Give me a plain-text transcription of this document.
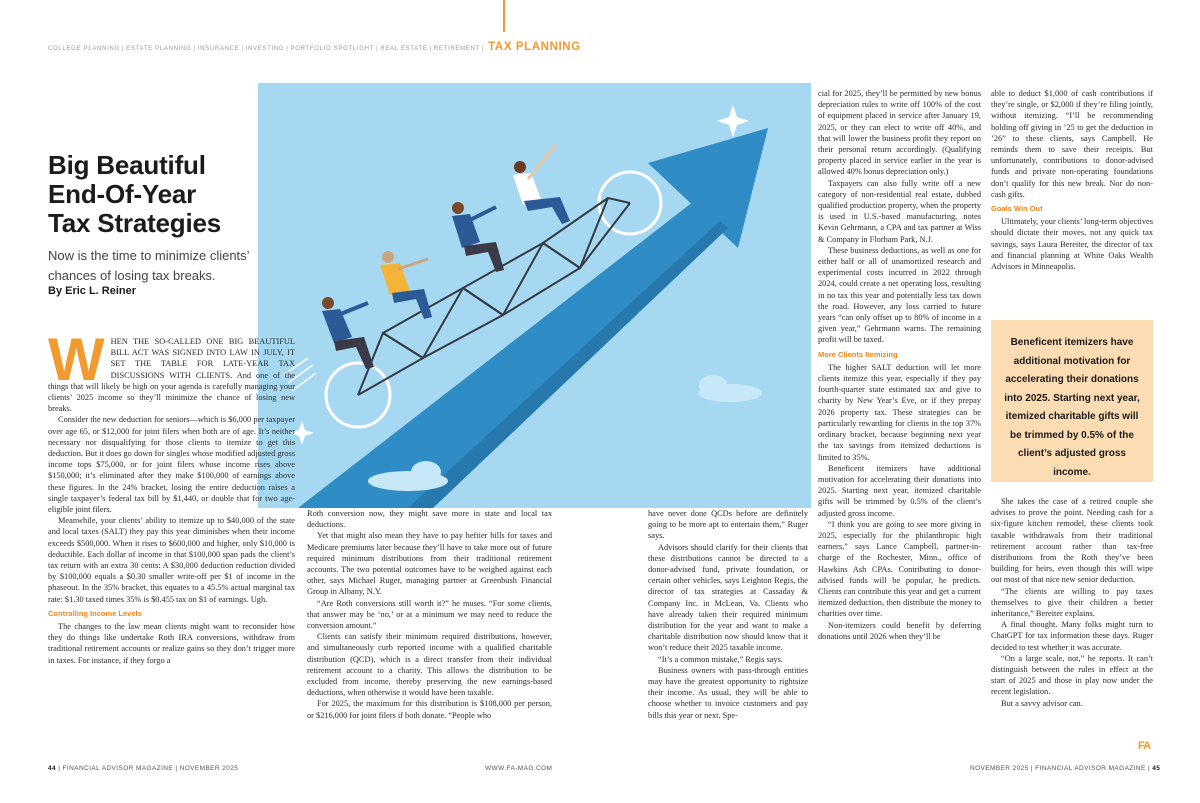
COLLEGE PLANNING | ESTATE PLANNING | INSURANCE | INVESTING | PORTFOLIO SPOTLIGHT | REAL ESTATE | RETIREMENT | TAX PLANNING
Big Beautiful
End-Of-Year
Tax Strategies
Now is the time to minimize clients’ chances of losing tax breaks.
By Eric L. Reiner

WHEN THE SO-CALLED ONE BIG BEAUTIFUL BILL ACT WAS SIGNED INTO LAW IN JULY, IT SET THE TABLE FOR LATE-YEAR TAX DISCUSSIONS WITH CLIENTS. And one of the things that will likely be high on your agenda is carefully managing your clients’ 2025 income so they’ll minimize the chance of losing new breaks.

Consider the new deduction for seniors—which is $6,000 per taxpayer over age 65, or $12,000 for joint filers when both are of age. It’s neither necessary nor disqualifying for those clients to itemize to get this deduction. But it does go down for singles whose modified adjusted gross income tops $75,000, or for joint filers whose income rises above $150,000; it’s eliminated after they make $100,000 of earnings above these figures. In the 24% bracket, losing the entire deduction raises a single taxpayer’s federal tax bill by $1,440, or double that for two age-eligible joint filers.

Meanwhile, your clients’ ability to itemize up to $40,000 of the state and local taxes (SALT) they pay this year diminishes when their income exceeds $500,000. When it rises to $600,000 and higher, only $10,000 is deductible. Each dollar of income in that $100,000 span pads the client’s tax return with an extra 30 cents: A $30,000 deduction reduction divided by $100,000 equals a $0.30 smaller write-off per $1 of income in the phaseout. In the 35% bracket, this equates to a 45.5% actual marginal tax rate: $1.30 taxed times 35% is $0.455 tax on $1 of earnings. Ugh.

Controlling Income Levels

The changes to the law mean clients might want to reconsider how they do things like undertake Roth IRA conversions, withdraw from traditional retirement accounts or realize gains so they don’t trigger more in taxes. For instance, if they forgo a

Roth conversion now, they might save more in state and local tax deductions.

Yet that might also mean they have to pay heftier bills for taxes and Medicare premiums later because they’ll have to take more out of future required minimum distributions from their traditional retirement accounts. The two potential outcomes have to be weighed against each other, says Michael Ruger, managing partner at Greenbush Financial Group in Albany, N.Y.

“Are Roth conversions still worth it?” he muses. “For some clients, that answer may be ‘no,’ or at a minimum we may need to reduce the conversion amount.”

Clients can satisfy their minimum required distributions, however, and simultaneously curb reported income with a qualified charitable distribution (QCD), which is a direct transfer from their individual retirement account to a charity. This allows the distribution to be excluded from income, thereby preserving the new earnings-based deductions, when otherwise it would have been taxable.

For 2025, the maximum for this distribution is $108,000 per person, or $216,000 for joint filers if both donate. “People who

have never done QCDs before are definitely going to be more apt to entertain them,” Ruger says.

Advisors should clarify for their clients that these distributions cannot be directed to a donor-advised fund, private foundation, or certain other vehicles, says Leighton Regis, the director of tax strategies at Cassaday & Company Inc. in McLean, Va. Clients who have already taken their required minimum distribution for the year and want to make a charitable distribution now should know that it won’t reduce their 2025 taxable income.

“It’s a common mistake,” Regis says.

Business owners with pass-through entities may have the greatest opportunity to rightsize their income. As usual, they will be able to choose whether to invoice customers and pay bills this year or next. Spe-

cial for 2025, they’ll be permitted by new bonus depreciation rules to write off 100% of the cost of equipment placed in service after January 19, 2025, or they can elect to write off 40%, and that will lower the business profit they report on their personal return accordingly. (Qualifying property placed in service earlier in the year is allowed 40% bonus depreciation only.)

Taxpayers can also fully write off a new category of non-residential real estate, dubbed qualified production property, when the property is used in U.S.-based manufacturing, notes Kevin Gehrmann, a CPA and tax partner at Wiss & Company in Florham Park, N.J.

These business deductions, as well as one for either half or all of unamortized research and experimental costs incurred in 2022 through 2024, could create a net operating loss, resulting in no tax this year and potentially less tax down the road. However, any loss carried to future years “can only offset up to 80% of income in a given year,” Gehrmann warns. The remaining profit will be taxed.

More Clients Itemizing

The higher SALT deduction will let more clients itemize this year, especially if they pay fourth-quarter state estimated tax and give to charity by New Year’s Eve, or if they prepay 2026 property tax. These strategies can be particularly rewarding for clients in the top 37% ordinary bracket, because beginning next year the tax savings from itemized deductions is limited to 35%.

Beneficent itemizers have additional motivation for accelerating their donations into 2025. Starting next year, itemized charitable gifts will be trimmed by 0.5% of the client’s adjusted gross income.

“I think you are going to see more giving in 2025, especially for the philanthropic high earners,” says Lance Campbell, partner-in-charge of the Rochester, Minn., office of Hawkins Ash CPAs. Contributing to donor-advised funds will be popular, he predicts. Clients can contribute this year and get a current itemized deduction, then distribute the money to charities over time.

Non-itemizers could benefit by deferring donations until 2026 when they’ll be

able to deduct $1,000 of cash contributions if they’re single, or $2,000 if they’re filing jointly, without itemizing. “I’ll be recommending holding off giving in ’25 to get the deduction in ’26” to these clients, says Campbell. He reminds them to save their receipts. But unfortunately, contributions to donor-advised funds and private non-operating foundations don’t qualify for this new break. Nor do non-cash gifts.

Goals Win Out

Ultimately, your clients’ long-term objectives should dictate their moves, not any quick tax savings, says Laura Bereiter, the director of tax and financial planning at White Oaks Wealth Advisors in Minneapolis.

Beneficent itemizers have additional motivation for accelerating their donations into 2025. Starting next year, itemized charitable gifts will be trimmed by 0.5% of the client’s adjusted gross income.

She takes the case of a retired couple she advises to prove the point. Needing cash for a six-figure kitchen remodel, these clients took taxable withdrawals from their traditional retirement account rather than tax-free distributions from the Roth they’ve been building for heirs, even though this will wipe out most of that nice new senior deduction.

“The clients are willing to pay taxes themselves to give their children a better inheritance,” Bereiter explains.

A final thought. Many folks might turn to ChatGPT for tax information these days. Ruger decided to test whether it was accurate.

“On a large scale, not,” he reports. It can’t distinguish between the rules in effect at the start of 2025 and those in play now under the recent legislation.

But a savvy advisor can.

FA
44 | FINANCIAL ADVISOR MAGAZINE | NOVEMBER 2025	WWW.FA-MAG.COM	NOVEMBER 2025 | FINANCIAL ADVISOR MAGAZINE | 45
